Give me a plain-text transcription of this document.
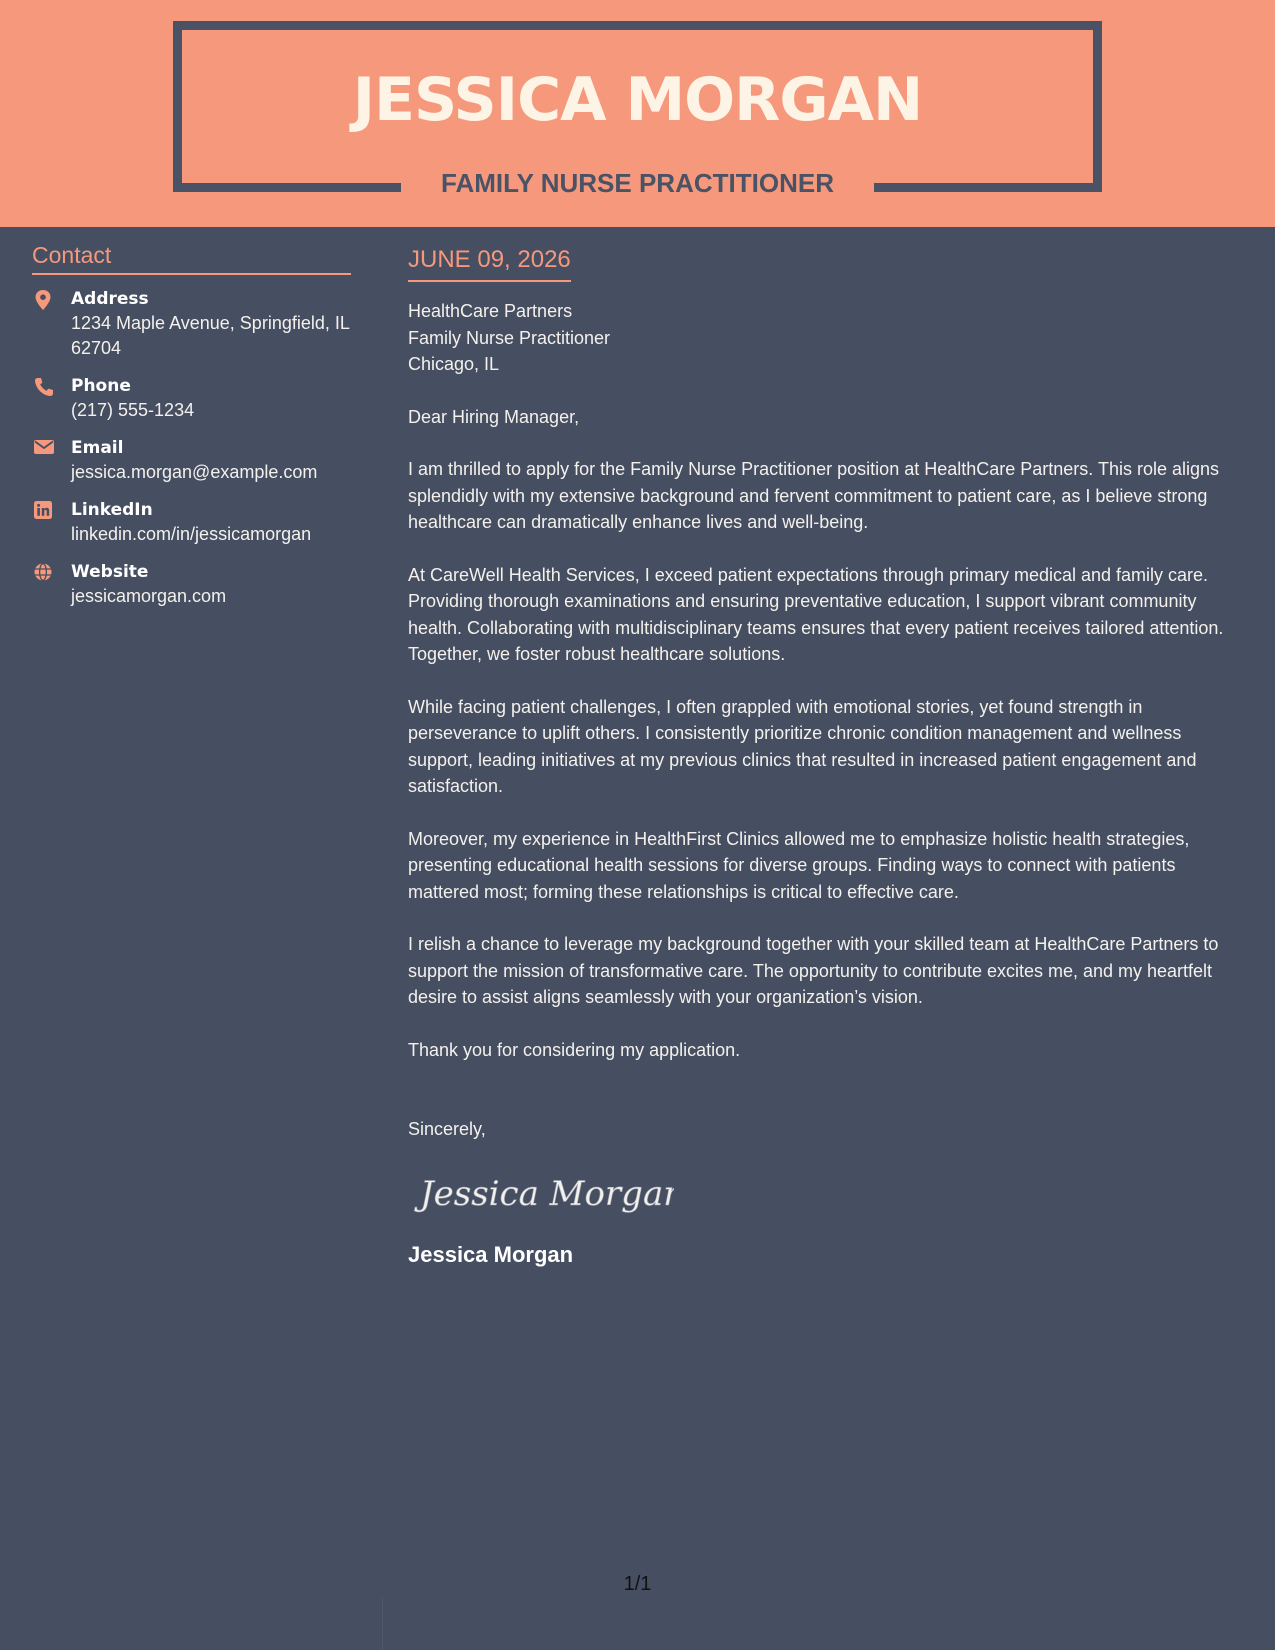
JESSICA MORGAN
FAMILY NURSE PRACTITIONER
Contact
Address
1234 Maple Avenue, Springfield, IL 62704
Phone
(217) 555-1234
Email
jessica.morgan@example.com
LinkedIn
linkedin.com/in/jessicamorgan
Website
jessicamorgan.com
JUNE 09, 2026
HealthCare Partners
Family Nurse Practitioner
Chicago, IL

Dear Hiring Manager,

I am thrilled to apply for the Family Nurse Practitioner position at HealthCare Partners. This role aligns splendidly with my extensive background and fervent commitment to patient care, as I believe strong healthcare can dramatically enhance lives and well-being.

At CareWell Health Services, I exceed patient expectations through primary medical and family care. Providing thorough examinations and ensuring preventative education, I support vibrant community health. Collaborating with multidisciplinary teams ensures that every patient receives tailored attention. Together, we foster robust healthcare solutions.

While facing patient challenges, I often grappled with emotional stories, yet found strength in perseverance to uplift others. I consistently prioritize chronic condition management and wellness support, leading initiatives at my previous clinics that resulted in increased patient engagement and satisfaction.

Moreover, my experience in HealthFirst Clinics allowed me to emphasize holistic health strategies, presenting educational health sessions for diverse groups. Finding ways to connect with patients mattered most; forming these relationships is critical to effective care.

I relish a chance to leverage my background together with your skilled team at HealthCare Partners to support the mission of transformative care. The opportunity to contribute excites me, and my heartfelt desire to assist aligns seamlessly with your organization’s vision.

Thank you for considering my application.

Sincerely,
Jessica Morgan
Jessica Morgan
1/1
